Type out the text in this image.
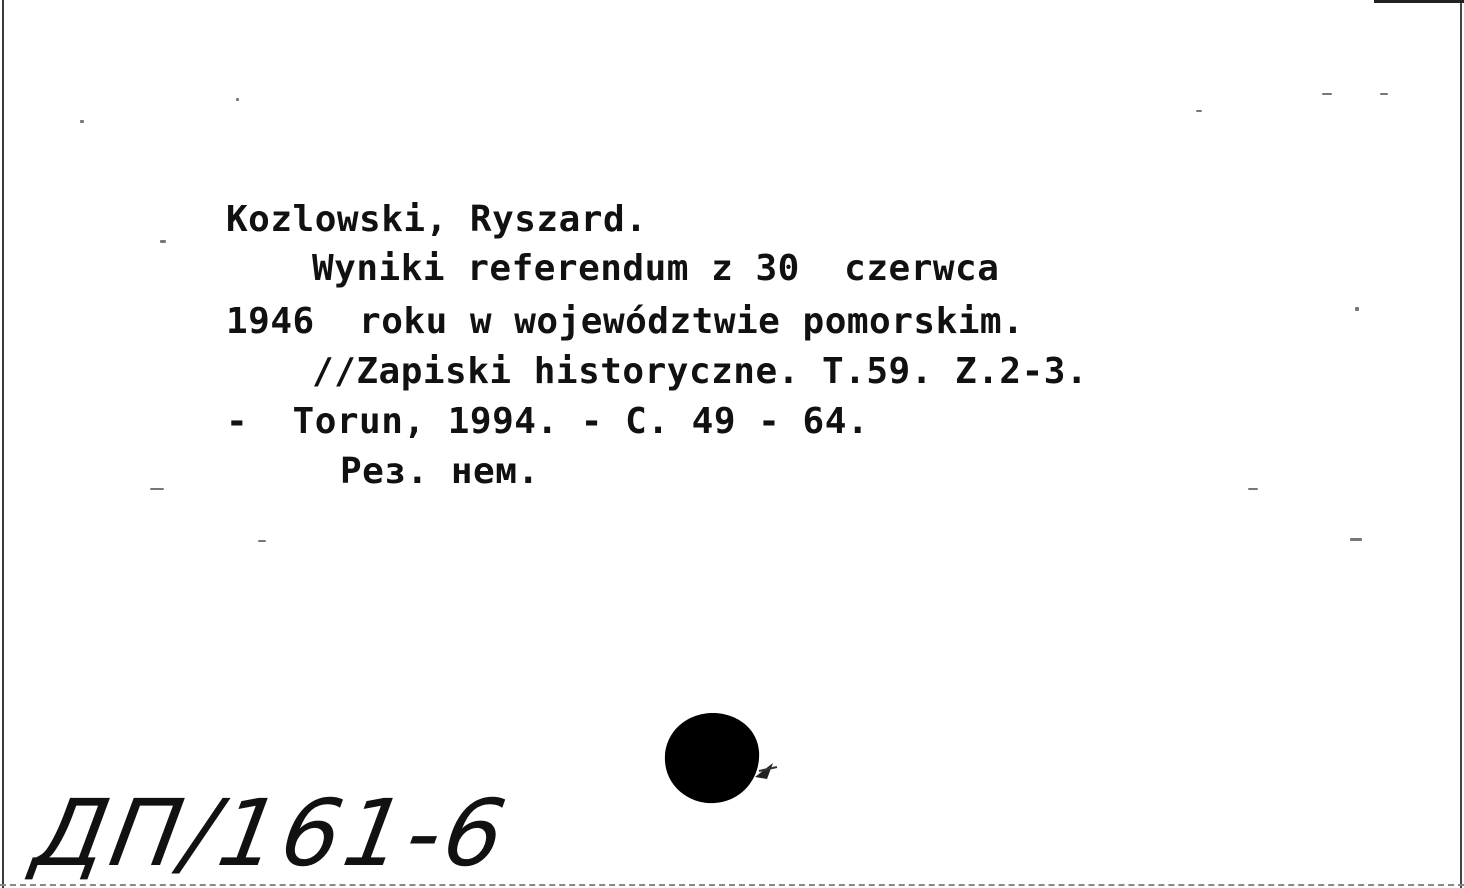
Kozlowski, Ryszard.
Wyniki referendum z 30  czerwca
1946  roku w województwie pomorskim.
//Zapiski historyczne. T.59. Z.2-3.
-  Torun, 1994. - C. 49 - 64.
Рез. нем.
ДП/161-6
